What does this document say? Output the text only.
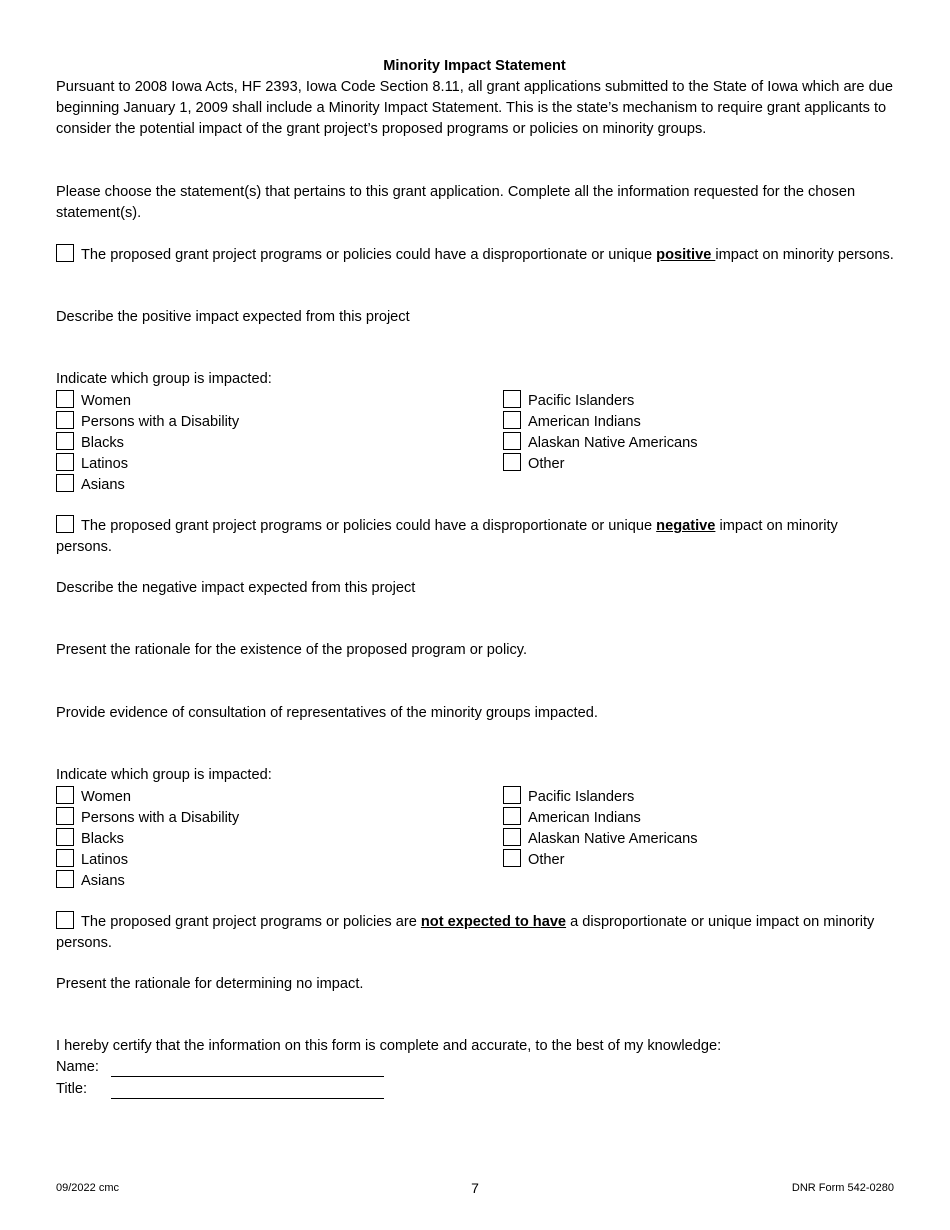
Minority Impact Statement
Pursuant to 2008 Iowa Acts, HF 2393, Iowa Code Section 8.11, all grant applications submitted to the State of Iowa which are due beginning January 1, 2009 shall include a Minority Impact Statement. This is the state’s mechanism to require grant applicants to consider the potential impact of the grant project’s proposed programs or policies on minority groups.
Please choose the statement(s) that pertains to this grant application. Complete all the information requested for the chosen statement(s).
The proposed grant project programs or policies could have a disproportionate or unique positive impact on minority persons.
Describe the positive impact expected from this project
Indicate which group is impacted:
Women
Persons with a Disability
Blacks
Latinos
Asians
Pacific Islanders
American Indians
Alaskan Native Americans
Other
The proposed grant project programs or policies could have a disproportionate or unique negative impact on minority persons.
Describe the negative impact expected from this project
Present the rationale for the existence of the proposed program or policy.
Provide evidence of consultation of representatives of the minority groups impacted.
Indicate which group is impacted:
Women
Persons with a Disability
Blacks
Latinos
Asians
Pacific Islanders
American Indians
Alaskan Native Americans
Other
The proposed grant project programs or policies are not expected to have a disproportionate or unique impact on minority persons.
Present the rationale for determining no impact.
I hereby certify that the information on this form is complete and accurate, to the best of my knowledge:
Name:
Title:
09/2022 cmc	7	DNR Form 542-0280
